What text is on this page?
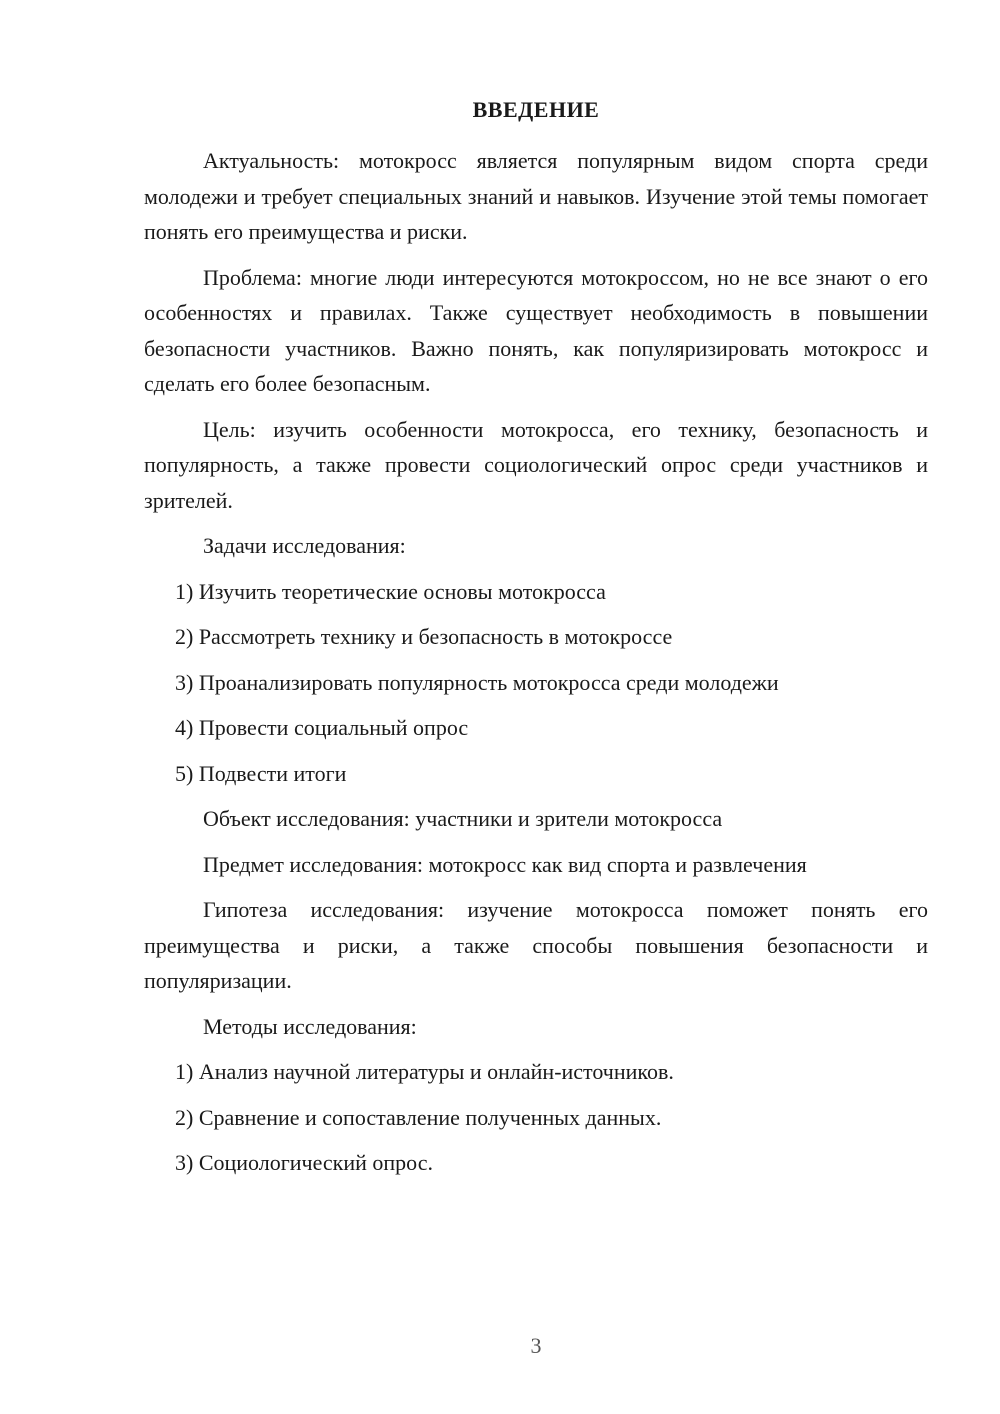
ВВЕДЕНИЕ

Актуальность: мотокросс является популярным видом спорта среди молодежи и требует специальных знаний и навыков. Изучение этой темы помогает понять его преимущества и риски.

Проблема: многие люди интересуются мотокроссом, но не все знают о его особенностях и правилах. Также существует необходимость в повышении безопасности участников. Важно понять, как популяризировать мотокросс и сделать его более безопасным.

Цель: изучить особенности мотокросса, его технику, безопасность и популярность, а также провести социологический опрос среди участников и зрителей.

Задачи исследования:

1) Изучить теоретические основы мотокросса

2) Рассмотреть технику и безопасность в мотокроссе

3) Проанализировать популярность мотокросса среди молодежи

4) Провести социальный опрос

5) Подвести итоги

Объект исследования: участники и зрители мотокросса

Предмет исследования: мотокросс как вид спорта и развлечения

Гипотеза исследования: изучение мотокросса поможет понять его преимущества и риски, а также способы повышения безопасности и популяризации.

Методы исследования:

1) Анализ научной литературы и онлайн-источников.

2) Сравнение и сопоставление полученных данных.

3) Социологический опрос.

3
